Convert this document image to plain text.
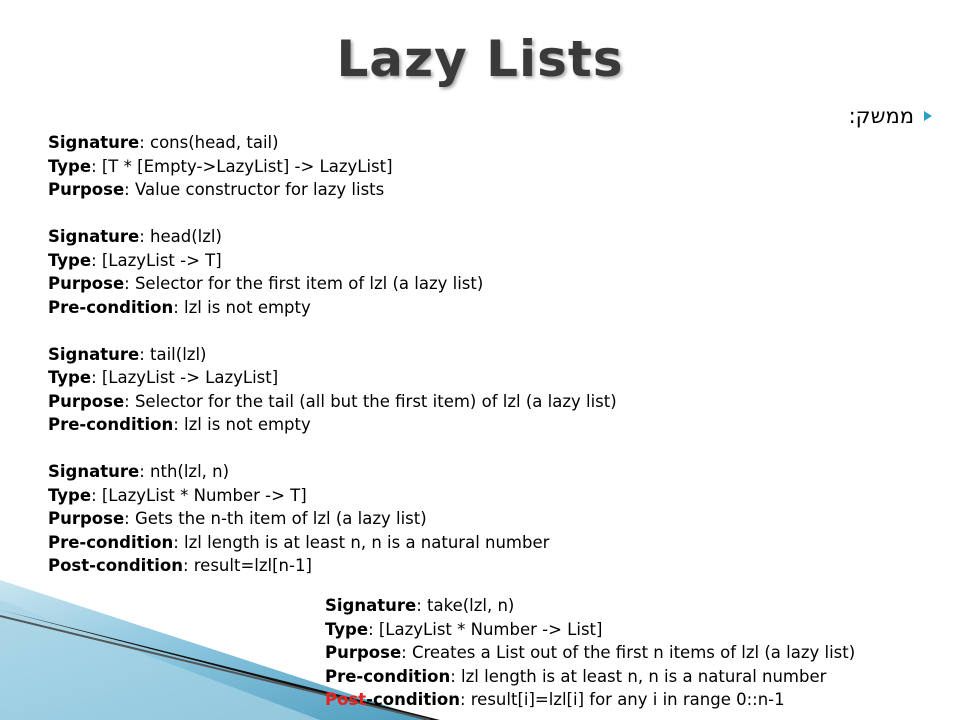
Lazy Lists
ממשק:
Signature: cons(head, tail)
Type: [T * [Empty->LazyList] -> LazyList]
Purpose: Value constructor for lazy lists
Signature: head(lzl)
Type: [LazyList -> T]
Purpose: Selector for the first item of lzl (a lazy list)
Pre-condition: lzl is not empty
Signature: tail(lzl)
Type: [LazyList -> LazyList]
Purpose: Selector for the tail (all but the first item) of lzl (a lazy list)
Pre-condition: lzl is not empty
Signature: nth(lzl, n)
Type: [LazyList * Number -> T]
Purpose: Gets the n-th item of lzl (a lazy list)
Pre-condition: lzl length is at least n, n is a natural number
Post-condition: result=lzl[n-1]
Signature: take(lzl, n)
Type: [LazyList * Number -> List]
Purpose: Creates a List out of the first n items of lzl (a lazy list)
Pre-condition: lzl length is at least n, n is a natural number
Post-condition: result[i]=lzl[i] for any i in range 0::n-1
